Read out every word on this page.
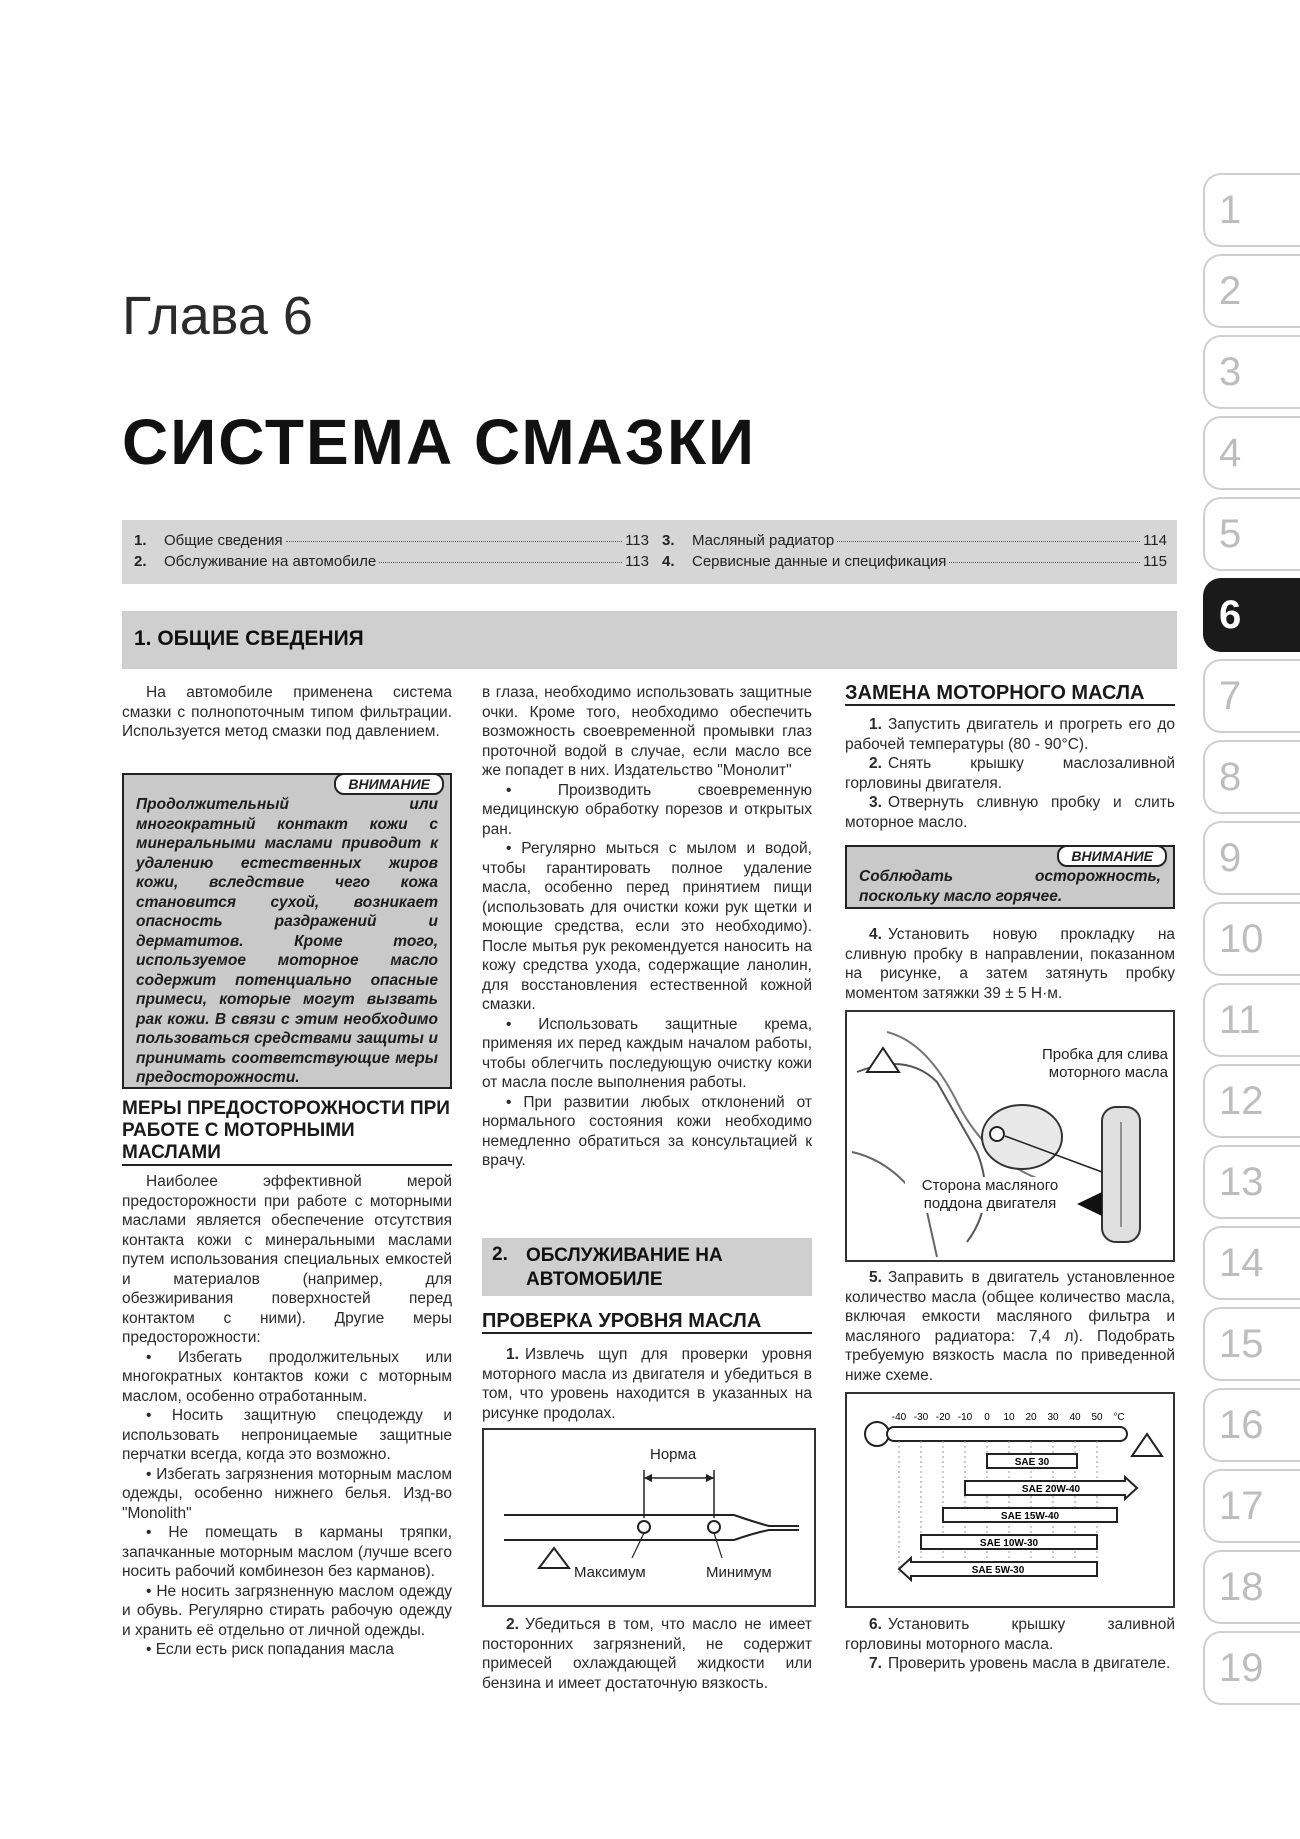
Глава 6
СИСТЕМА СМАЗКИ
1.	Общие сведения	113
2.	Обслуживание на автомобиле	113
3.	Масляный радиатор	114
4.	Сервисные данные и спецификация	115
1. ОБЩИЕ СВЕДЕНИЯ

На автомобиле применена система смазки с полнопоточным типом фильтрации. Используется метод смазки под давлением.

ВНИМАНИЕ
Продолжительный или многократный контакт кожи с минеральными маслами приводит к удалению естественных жиров кожи, вследствие чего кожа становится сухой, возникает опасность раздражений и дерматитов. Кроме того, используемое моторное масло содержит потенциально опасные примеси, которые могут вызвать рак кожи. В связи с этим необходимо пользоваться средствами защиты и принимать соответствующие меры предосторожности.
МЕРЫ ПРЕДОСТОРОЖНОСТИ ПРИ РАБОТЕ С МОТОРНЫМИ МАСЛАМИ

Наиболее эффективной мерой предосторожности при работе с моторными маслами является обеспечение отсутствия контакта кожи с минеральными маслами путем использования специальных емкостей и материалов (например, для обезжиривания поверхностей перед контактом с ними). Другие меры предосторожности:

• Избегать продолжительных или многократных контактов кожи с моторным маслом, особенно отработанным.

• Носить защитную спецодежду и использовать непроницаемые защитные перчатки всегда, когда это возможно.

• Избегать загрязнения моторным маслом одежды, особенно нижнего белья. Изд-во "Monolith"

• Не помещать в карманы тряпки, запачканные моторным маслом (лучше всего носить рабочий комбинезон без карманов).

• Не носить загрязненную маслом одежду и обувь. Регулярно стирать рабочую одежду и хранить её отдельно от личной одежды.

• Если есть риск попадания масла

в глаза, необходимо использовать защитные очки. Кроме того, необходимо обеспечить возможность своевременной промывки глаз проточной водой в случае, если масло все же попадет в них. Издательство "Монолит"

• Производить своевременную медицинскую обработку порезов и открытых ран.

• Регулярно мыться с мылом и водой, чтобы гарантировать полное удаление масла, особенно перед принятием пищи (использовать для очистки кожи рук щетки и моющие средства, если это необходимо). После мытья рук рекомендуется наносить на кожу средства ухода, содержащие ланолин, для восстановления естественной кожной смазки.

• Использовать защитные крема, применяя их перед каждым началом работы, чтобы облегчить последующую очистку кожи от масла после выполнения работы.

• При развитии любых отклонений от нормального состояния кожи необходимо немедленно обратиться за консультацией к врачу.

2. ОБСЛУЖИВАНИЕ НА АВТОМОБИЛЕ
ПРОВЕРКА УРОВНЯ МАСЛА

1. Извлечь щуп для проверки уровня моторного масла из двигателя и убедиться в том, что уровень находится в указанных на рисунке продолах.

Норма
Максимум	Минимум

2. Убедиться в том, что масло не имеет посторонних загрязнений, не содержит примесей охлаждающей жидкости или бензина и имеет достаточную вязкость.

ЗАМЕНА МОТОРНОГО МАСЛА

1. Запустить двигатель и прогреть его до рабочей температуры (80 - 90°С).

2. Снять крышку маслозаливной горловины двигателя.

3. Отвернуть сливную пробку и слить моторное масло.

ВНИМАНИЕ
Соблюдать осторожность, поскольку масло горячее.

4. Установить новую прокладку на сливную пробку в направлении, показанном на рисунке, а затем затянуть пробку моментом затяжки 39 ± 5 Н·м.

Пробка для слива моторного масла
Сторона масляного поддона двигателя

5. Заправить в двигатель установленное количество масла (общее количество масла, включая емкости масляного фильтра и масляного радиатора: 7,4 л). Подобрать требуемую вязкость масла по приведенной ниже схеме.

-40 -30 -20 -10 0 10 20 30 40 50 °C
SAE 30
SAE 20W-40
SAE 15W-40
SAE 10W-30
SAE 5W-30

6. Установить крышку заливной горловины моторного масла.

7. Проверить уровень масла в двигателе.

1
2
3
4
5
6
7
8
9
10
11
12
13
14
15
16
17
18
19
